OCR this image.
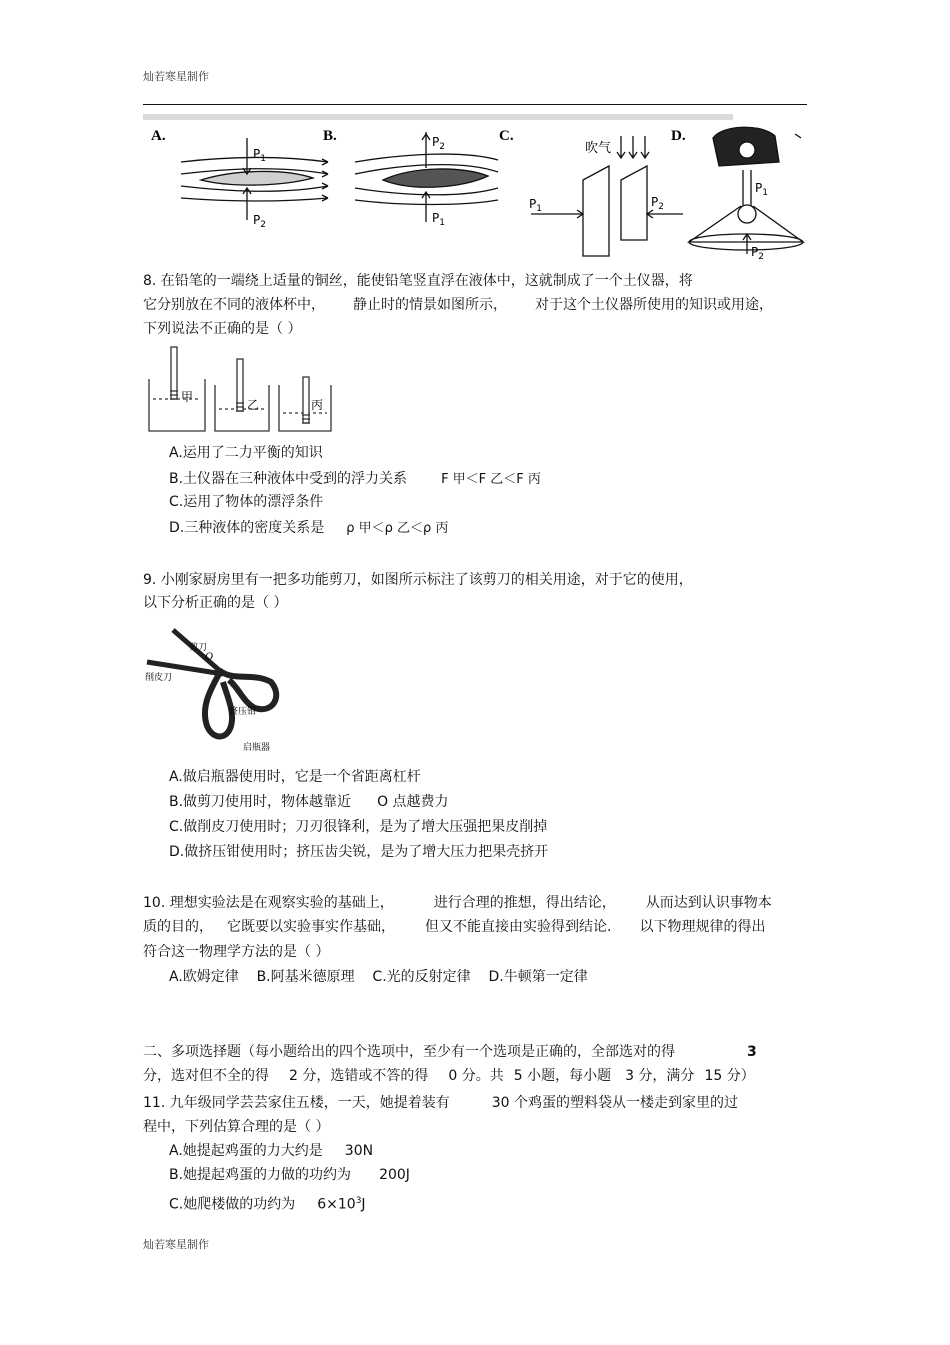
灿若寒星制作
灿若寒星制作
A.
$P_1$
$P_2$
B.	$P_2$
$P_1$
C.
吹气
$P_1$	$P_2$
D.
$P_1$
$P_2$
8. 在铅笔的一端绕上适量的铜丝，能使铅笔竖直浮在液体中，这就制成了一个土仪器，将
它分别放在不同的液体杯中， 静止时的情景如图所示， 对于这个土仪器所使用的知识或用途，
下列说法不正确的是（ ）
甲
乙	丙
A.运用了二力平衡的知识
B.土仪器在三种液体中受到的浮力关系	F 甲＜F 乙＜F 丙
C.运用了物体的漂浮条件
D.三种液体的密度关系是 ρ 甲＜ρ 乙＜ρ 丙
9. 小刚家厨房里有一把多功能剪刀，如图所示标注了该剪刀的相关用途，对于它的使用，
以下分析正确的是（ ）
剪刀
削皮刀
挤压钳
启瓶器
O
A.做启瓶器使用时，它是一个省距离杠杆
B.做剪刀使用时，物体越靠近 O 点越费力
C.做削皮刀使用时；刀刃很锋利，是为了增大压强把果皮削掉
D.做挤压钳使用时；挤压齿尖锐，是为了增大压力把果壳挤开
10. 理想实验法是在观察实验的基础上，	进行合理的推想，得出结论， 从而达到认识事物本
质的目的， 它既要以实验事实作基础， 但又不能直接由实验得到结论. 以下物理规律的得出
符合这一物理学方法的是（ ）
A.欧姆定律    B.阿基米德原理    C.光的反射定律    D.牛顿第一定律
二、多项选择题（每小题给出的四个选项中，至少有一个选项是正确的，全部选对的得	3
分，选对但不全的得 2 分，选错或不答的得 0 分。共 5 小题，每小题 3 分，满分 15 分）
11. 九年级同学芸芸家住五楼，一天，她提着装有	30 个鸡蛋的塑料袋从一楼走到家里的过
程中，下列估算合理的是（ ）
A.她提起鸡蛋的力大约是 30N
B.她提起鸡蛋的力做的功约为 200J
C.她爬楼做的功约为 $6\times 10^3J$
